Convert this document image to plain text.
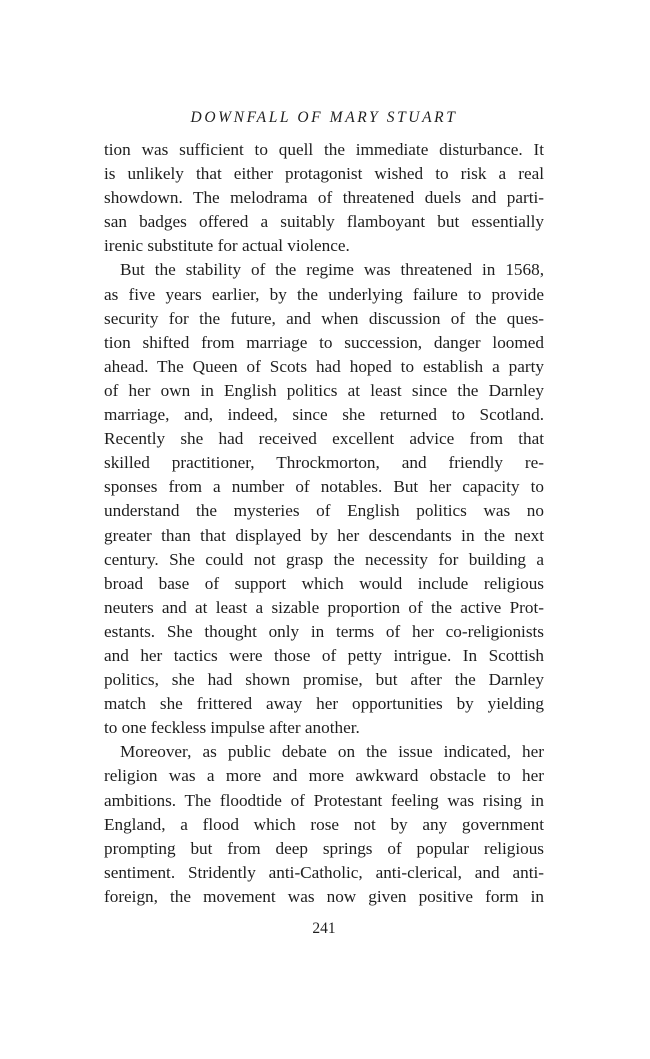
DOWNFALL OF MARY STUART
tion was sufficient to quell the immediate disturbance. It
is unlikely that either protagonist wished to risk a real
showdown. The melodrama of threatened duels and parti-
san badges offered a suitably flamboyant but essentially
irenic substitute for actual violence.
But the stability of the regime was threatened in 1568,
as five years earlier, by the underlying failure to provide
security for the future, and when discussion of the ques-
tion shifted from marriage to succession, danger loomed
ahead. The Queen of Scots had hoped to establish a party
of her own in English politics at least since the Darnley
marriage, and, indeed, since she returned to Scotland.
Recently she had received excellent advice from that
skilled practitioner, Throckmorton, and friendly re-
sponses from a number of notables. But her capacity to
understand the mysteries of English politics was no
greater than that displayed by her descendants in the next
century. She could not grasp the necessity for building a
broad base of support which would include religious
neuters and at least a sizable proportion of the active Prot-
estants. She thought only in terms of her co-religionists
and her tactics were those of petty intrigue. In Scottish
politics, she had shown promise, but after the Darnley
match she frittered away her opportunities by yielding
to one feckless impulse after another.
Moreover, as public debate on the issue indicated, her
religion was a more and more awkward obstacle to her
ambitions. The floodtide of Protestant feeling was rising in
England, a flood which rose not by any government
prompting but from deep springs of popular religious
sentiment. Stridently anti-Catholic, anti-clerical, and anti-
foreign, the movement was now given positive form in
241
